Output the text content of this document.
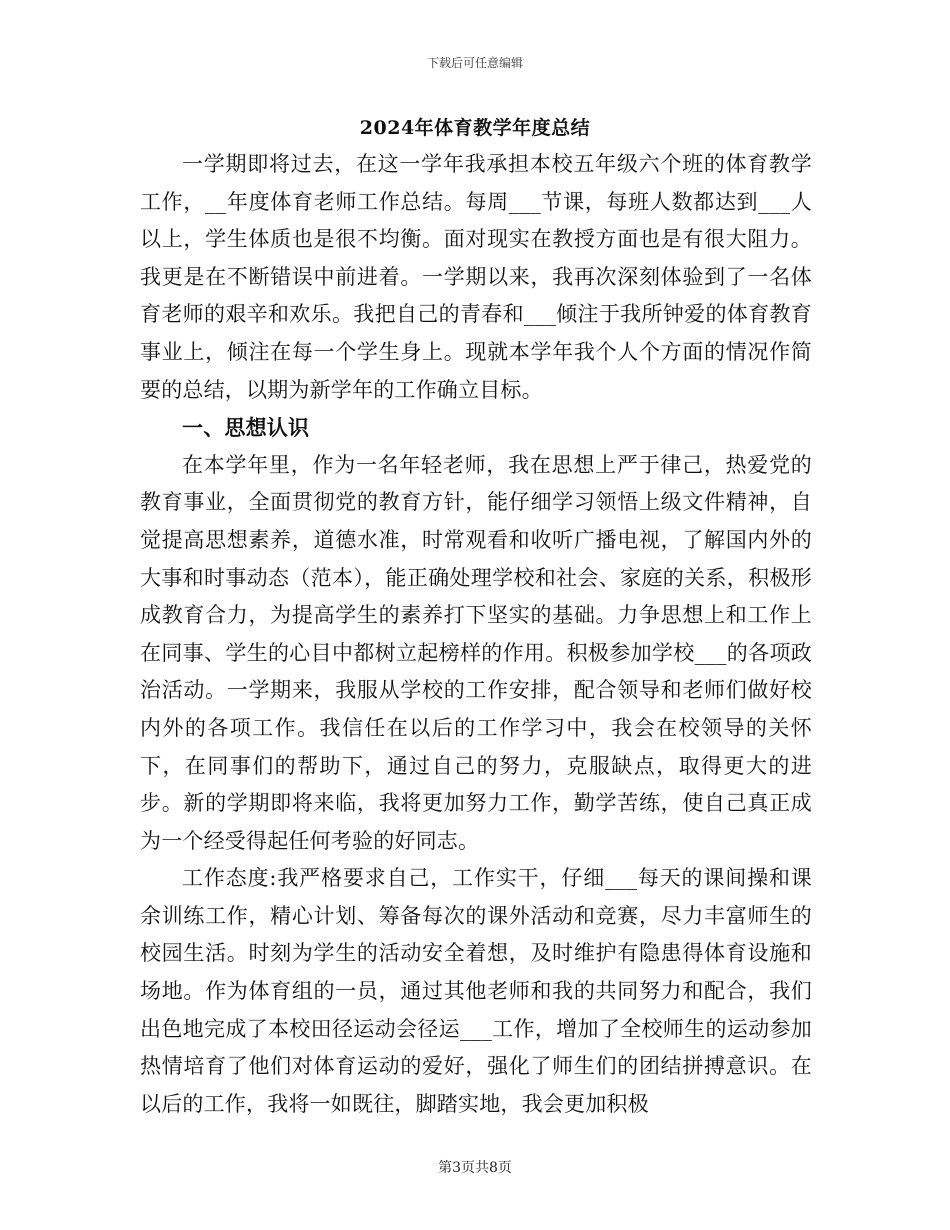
下载后可任意编辑
2024年体育教学年度总结

一学期即将过去，在这一学年我承担本校五年级六个班的体育教学工作，__年度体育老师工作总结。每周___节课，每班人数都达到___人以上，学生体质也是很不均衡。面对现实在教授方面也是有很大阻力。我更是在不断错误中前进着。一学期以来，我再次深刻体验到了一名体育老师的艰辛和欢乐。我把自己的青春和___倾注于我所钟爱的体育教育事业上，倾注在每一个学生身上。现就本学年我个人个方面的情况作简要的总结，以期为新学年的工作确立目标。

一、思想认识

在本学年里，作为一名年轻老师，我在思想上严于律己，热爱党的教育事业，全面贯彻党的教育方针，能仔细学习领悟上级文件精神，自觉提高思想素养，道德水准，时常观看和收听广播电视，了解国内外的大事和时事动态（范本），能正确处理学校和社会、家庭的关系，积极形成教育合力，为提高学生的素养打下坚实的基础。力争思想上和工作上在同事、学生的心目中都树立起榜样的作用。积极参加学校___的各项政治活动。一学期来，我服从学校的工作安排，配合领导和老师们做好校内外的各项工作。我信任在以后的工作学习中，我会在校领导的关怀下，在同事们的帮助下，通过自己的努力，克服缺点，取得更大的进步。新的学期即将来临，我将更加努力工作，勤学苦练，使自己真正成为一个经受得起任何考验的好同志。

工作态度:我严格要求自己，工作实干，仔细___每天的课间操和课余训练工作，精心计划、筹备每次的课外活动和竞赛，尽力丰富师生的校园生活。时刻为学生的活动安全着想，及时维护有隐患得体育设施和场地。作为体育组的一员，通过其他老师和我的共同努力和配合，我们出色地完成了本校田径运动会径运___工作，增加了全校师生的运动参加热情培育了他们对体育运动的爱好，强化了师生们的团结拼搏意识。在以后的工作，我将一如既往，脚踏实地，我会更加积极

第3页共8页
